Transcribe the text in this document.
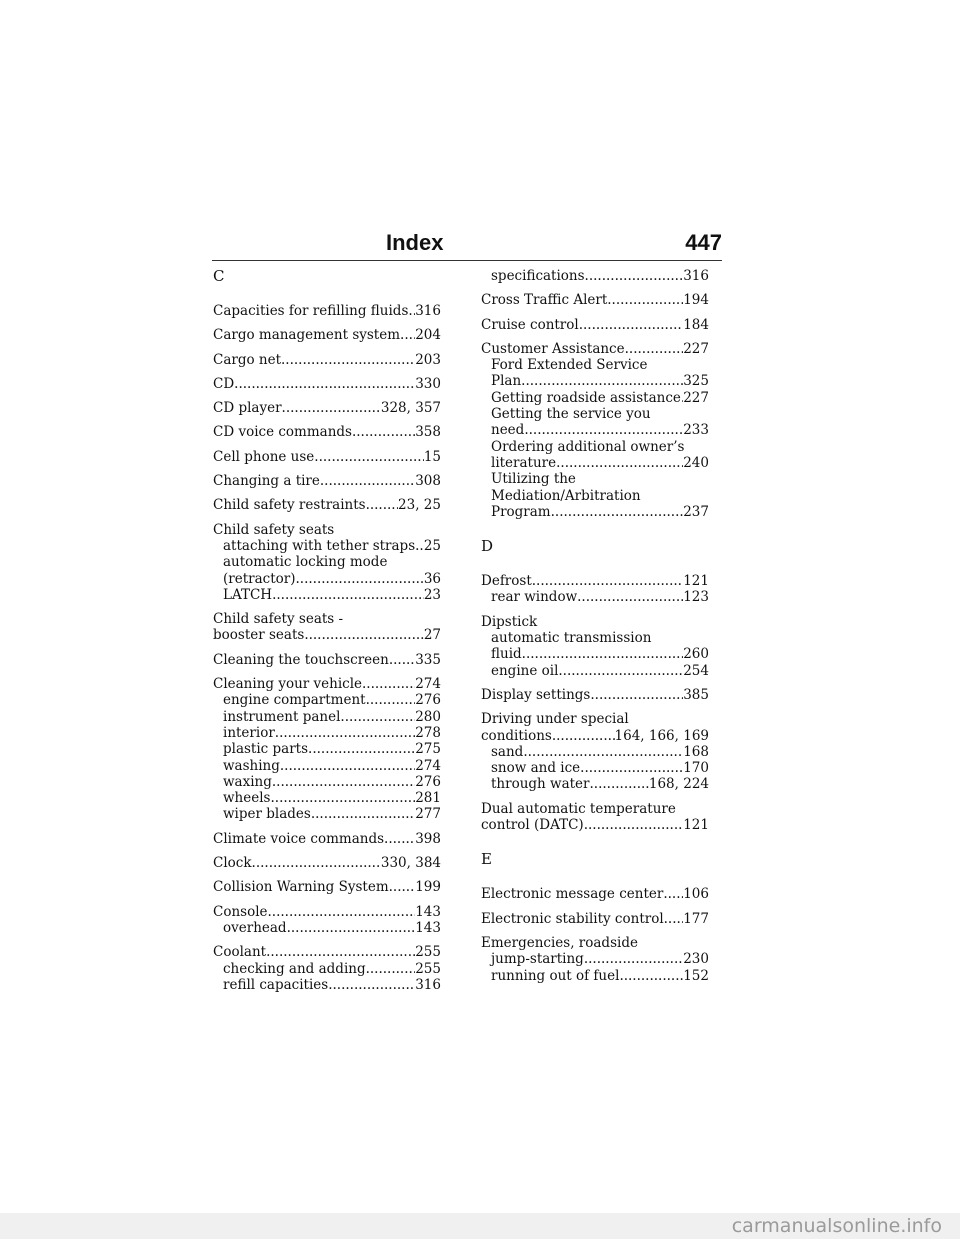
Index	447
C
Capacities for refilling fluids ..... 316
Cargo management system ..... 204
Cargo net .....	203
CD .....	330
CD player .....	328, 357
CD voice commands .....	358
Cell phone use .....	15
Changing a tire .....	308
Child safety restraints ..... 23, 25
Child safety seats
attaching with tether straps ..... 25
automatic locking mode
(retractor) .....	36
LATCH .....	23
Child safety seats -
booster seats .....	27
Cleaning the touchscreen ..... 335
Cleaning your vehicle .....	274
engine compartment .....	276
instrument panel .....	280
interior .....	278
plastic parts .....	275
washing .....	274
waxing .....	276
wheels .....	281
wiper blades .....	277
Climate voice commands ..... 398
Clock .....	330, 384
Collision Warning System ..... 199
Console .....	143
overhead .....	143
Coolant .....	255
checking and adding .....	255
refill capacities .....	316
specifications .....	316
Cross Traffic Alert .....	194
Cruise control .....	184
Customer Assistance .....	227
Ford Extended Service
Plan .....	325
Getting roadside assistance ..... 227
Getting the service you
need .....	233
Ordering additional owner’s
literature .....	240
Utilizing the
Mediation/Arbitration
Program .....	237
D
Defrost .....	121
rear window .....	123
Dipstick
automatic transmission
fluid .....	260
engine oil .....	254
Display settings .....	385
Driving under special
conditions .....	164, 166, 169
sand .....	168
snow and ice .....	170
through water .....	168, 224
Dual automatic temperature
control (DATC) .....	121
E
Electronic message center ..... 106
Electronic stability control ..... 177
Emergencies, roadside
jump-starting .....	230
running out of fuel .....	152
carmanualsonline.info
